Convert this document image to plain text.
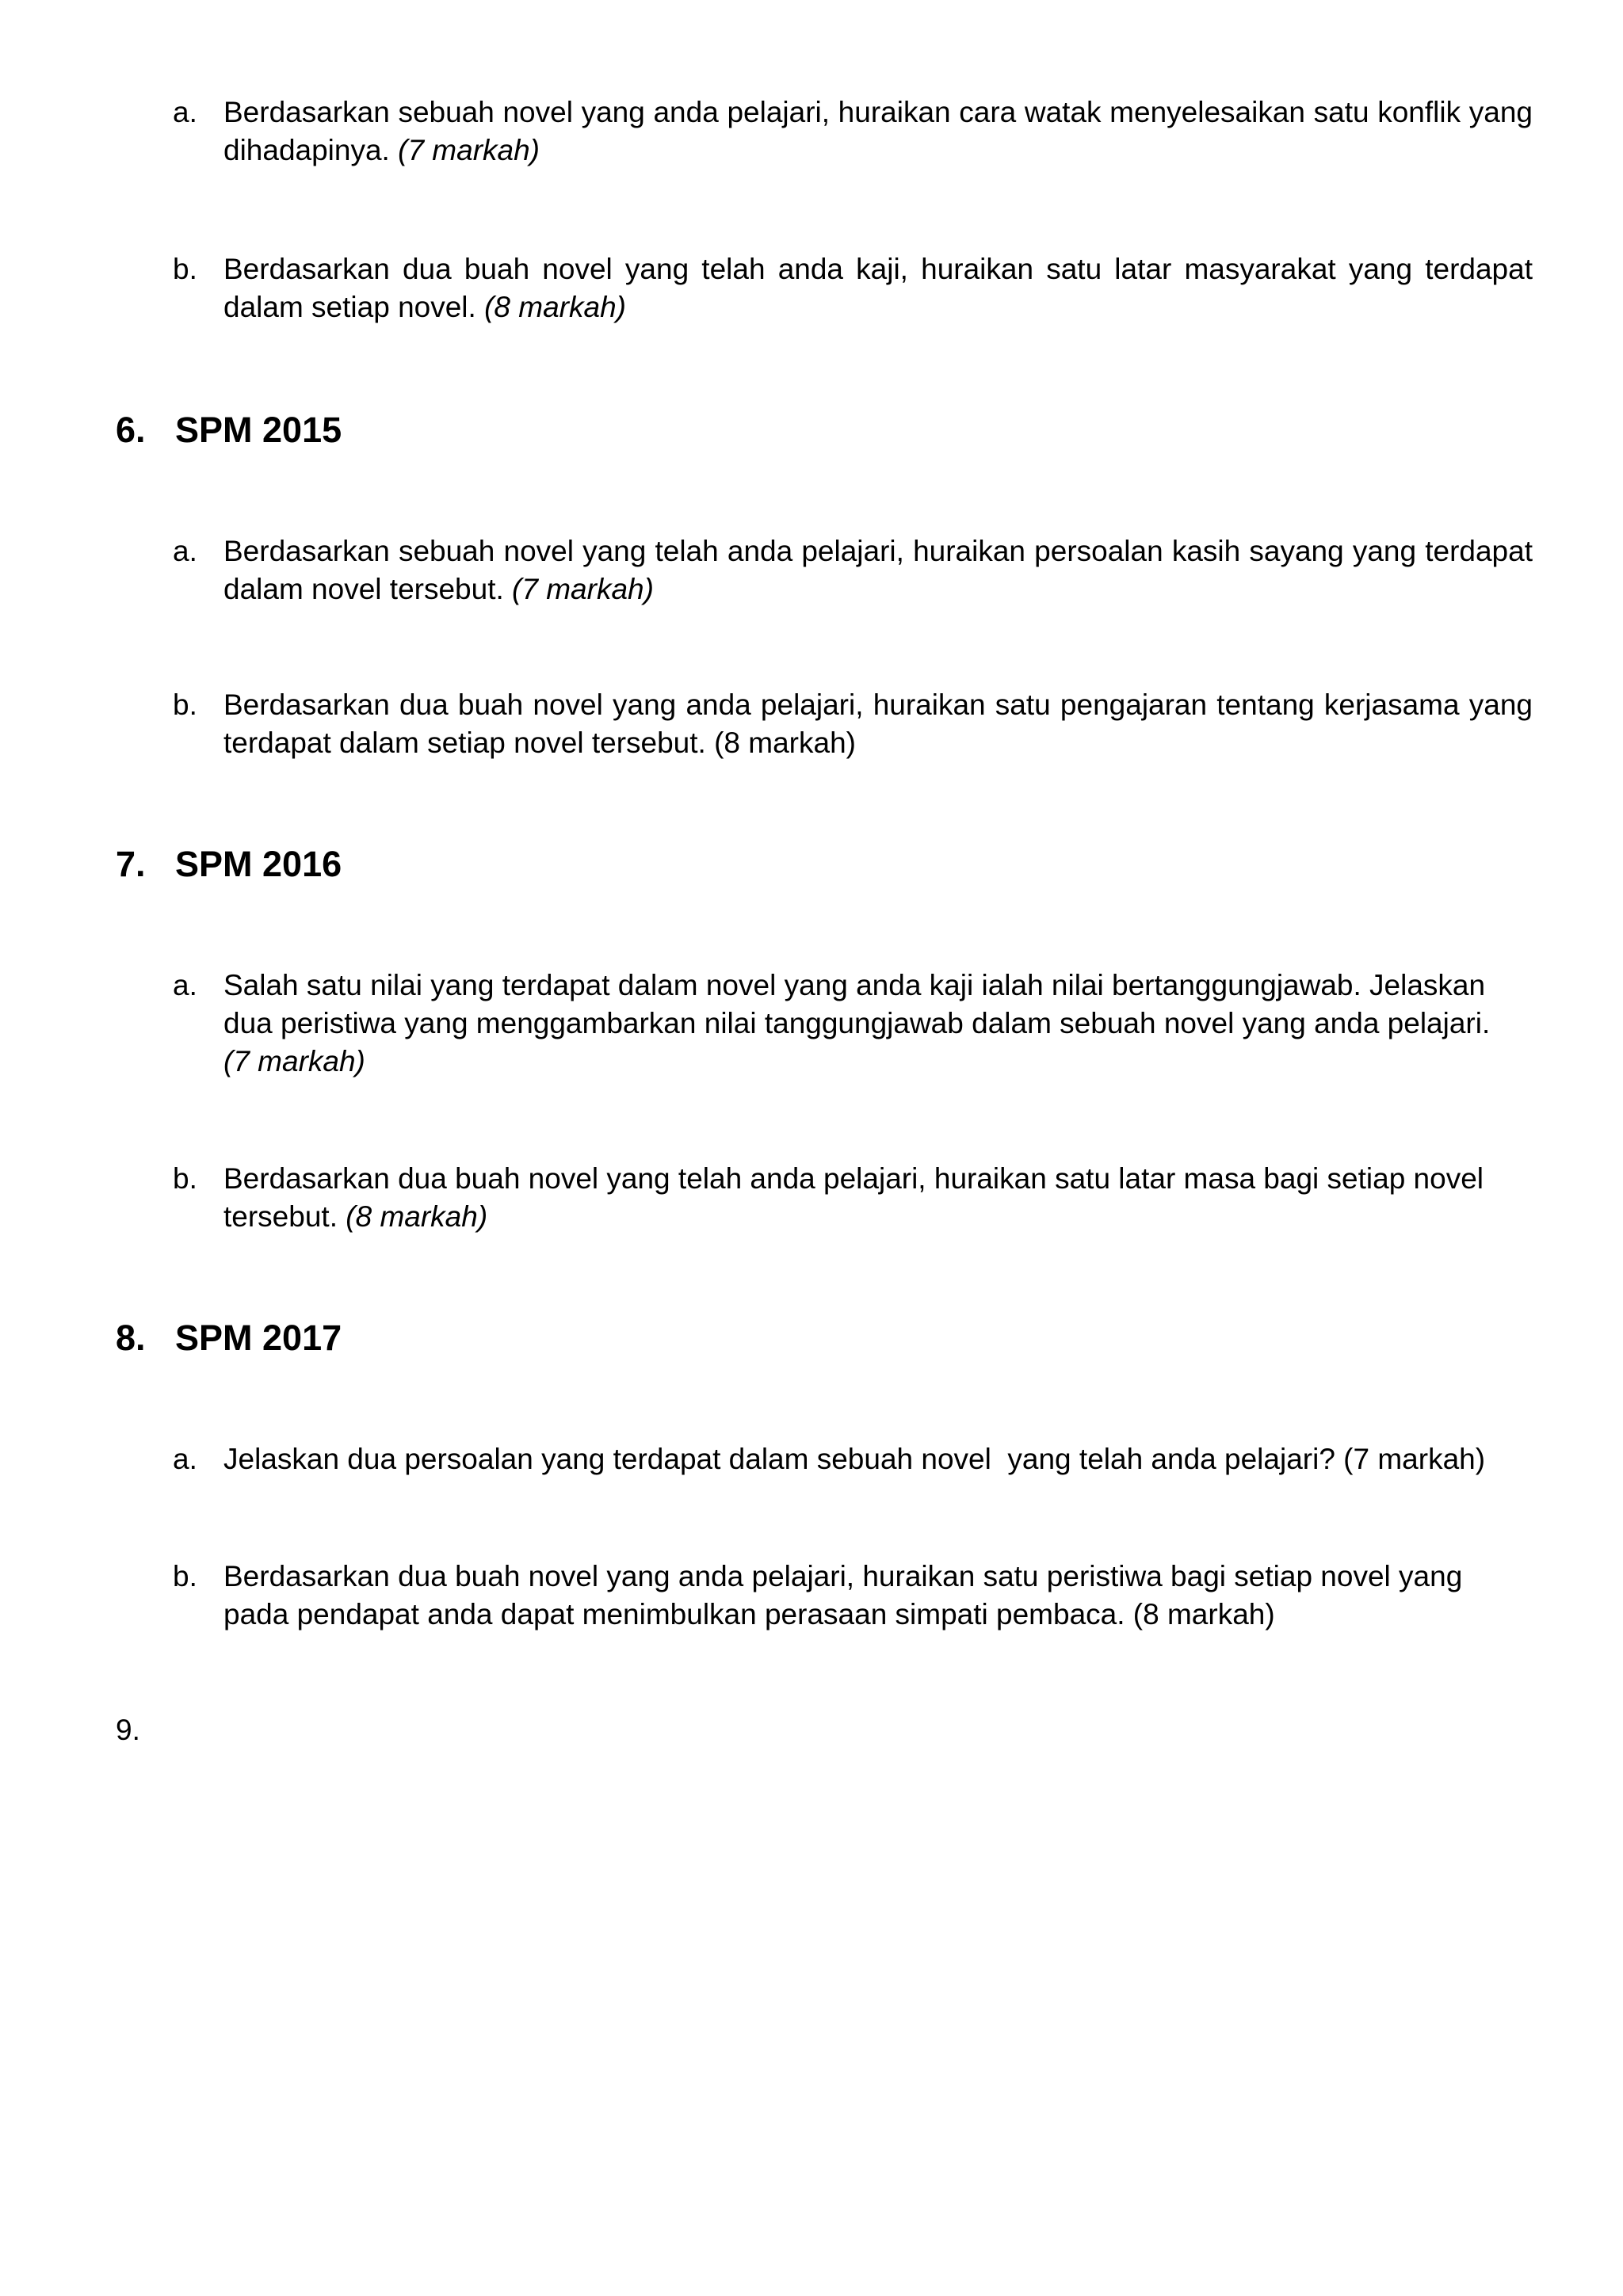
a. Berdasarkan sebuah novel yang anda pelajari, huraikan cara watak menyelesaikan satu konflik yang dihadapinya. (7 markah)
b. Berdasarkan dua buah novel yang telah anda kaji, huraikan satu latar masyarakat yang terdapat dalam setiap novel. (8 markah)
6. SPM 2015
a. Berdasarkan sebuah novel yang telah anda pelajari, huraikan persoalan kasih sayang yang terdapat dalam novel tersebut. (7 markah)
b. Berdasarkan dua buah novel yang anda pelajari, huraikan satu pengajaran tentang kerjasama yang terdapat dalam setiap novel tersebut. (8 markah)
7. SPM 2016
a. Salah satu nilai yang terdapat dalam novel yang anda kaji ialah nilai bertanggungjawab. Jelaskan dua peristiwa yang menggambarkan nilai tanggungjawab dalam sebuah novel yang anda pelajari.
(7 markah)
b. Berdasarkan dua buah novel yang telah anda pelajari, huraikan satu latar masa bagi setiap novel tersebut. (8 markah)
8. SPM 2017
a. Jelaskan dua persoalan yang terdapat dalam sebuah novel  yang telah anda pelajari? (7 markah)
b. Berdasarkan dua buah novel yang anda pelajari, huraikan satu peristiwa bagi setiap novel yang pada pendapat anda dapat menimbulkan perasaan simpati pembaca. (8 markah)
9.
